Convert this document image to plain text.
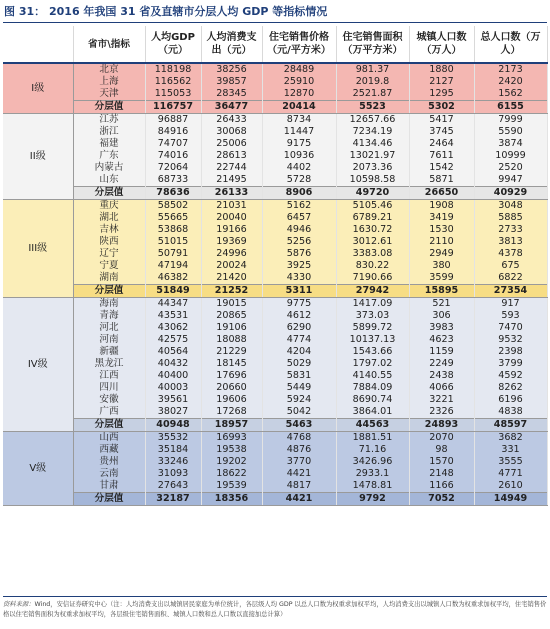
图 31： 2016 年我国 31 省及直辖市分层人均 GDP 等指标情况
	省市\指标	人均GDP（元）	人均消费支出（元）	住宅销售价格（元/平方米）	住宅销售面积（万平方米）	城镇人口数（万人）	总人口数（万人）
I级	北京	118198	38256	28489	981.37	1880	2173
	上海	116562	39857	25910	2019.8	2127	2420
	天津	115053	28345	12870	2521.87	1295	1562
	分层值	116757	36477	20414	5523	5302	6155
II级	江苏	96887	26433	8734	12657.66	5417	7999
	浙江	84916	30068	11447	7234.19	3745	5590
	福建	74707	25006	9175	4134.46	2464	3874
	广东	74016	28613	10936	13021.97	7611	10999
	内蒙古	72064	22744	4402	2073.36	1542	2520
	山东	68733	21495	5728	10598.58	5871	9947
	分层值	78636	26133	8906	49720	26650	40929
III级	重庆	58502	21031	5162	5105.46	1908	3048
	湖北	55665	20040	6457	6789.21	3419	5885
	吉林	53868	19166	4946	1630.72	1530	2733
	陕西	51015	19369	5256	3012.61	2110	3813
	辽宁	50791	24996	5876	3383.08	2949	4378
	宁夏	47194	20024	3925	830.22	380	675
	湖南	46382	21420	4330	7190.66	3599	6822
	分层值	51849	21252	5311	27942	15895	27354
IV级	海南	44347	19015	9775	1417.09	521	917
	青海	43531	20865	4612	373.03	306	593
	河北	43062	19106	6290	5899.72	3983	7470
	河南	42575	18088	4774	10137.13	4623	9532
	新疆	40564	21229	4204	1543.66	1159	2398
	黑龙江	40432	18145	5029	1797.02	2249	3799
	江西	40400	17696	5831	4140.55	2438	4592
	四川	40003	20660	5449	7884.09	4066	8262
	安徽	39561	19606	5924	8690.74	3221	6196
	广西	38027	17268	5042	3864.01	2326	4838
	分层值	40948	18957	5463	44563	24893	48597
V级	山西	35532	16993	4768	1881.51	2070	3682
	西藏	35184	19538	4876	71.16	98	331
	贵州	33246	19202	3770	3426.96	1570	3555
	云南	31093	18622	4421	2933.1	2148	4771
	甘肃	27643	19539	4817	1478.81	1166	2610
	分层值	32187	18356	4421	9792	7052	14949
资料来源：Wind，安信证券研究中心（注：人均消费支出以城镇居民家庭为单位统计，各层级人均 GDP 以总人口数为权重求加权平均，人均消费支出以城镇人口数为权重求加权平均，住宅销售价格以住宅销售面积为权重求加权平均，各层级住宅销售面积、城镇人口数和总人口数以直接加总计算）
